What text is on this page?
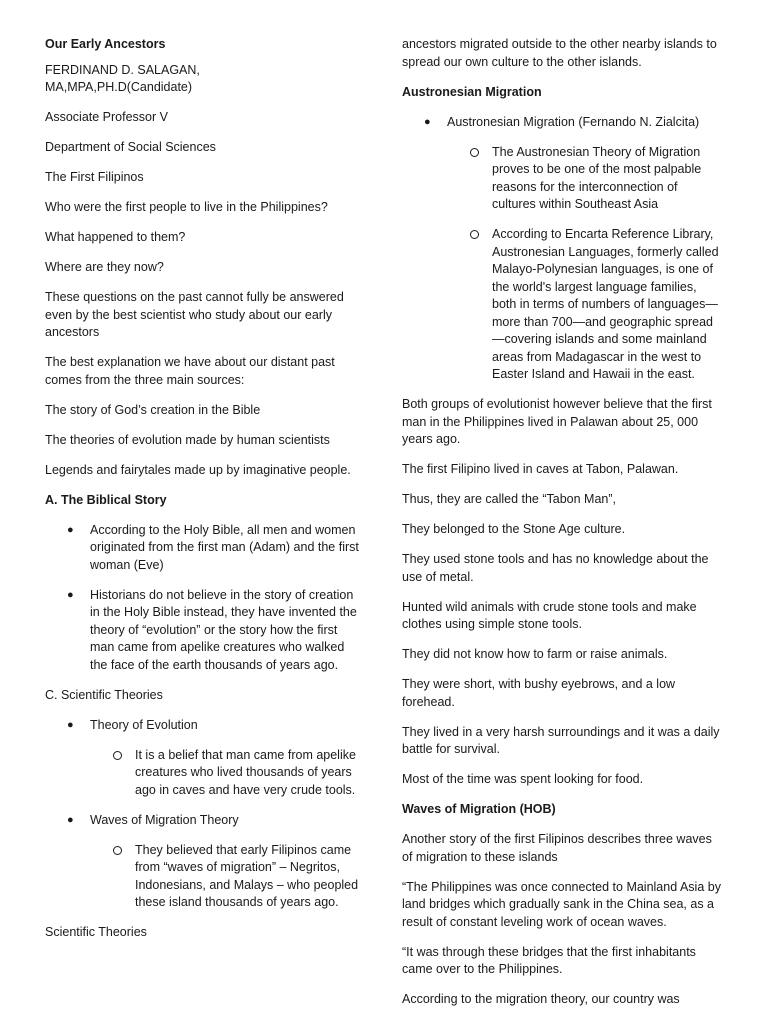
Our Early Ancestors

FERDINAND D. SALAGAN,

MA,MPA,PH.D(Candidate)

Associate Professor V

Department of Social Sciences

The First Filipinos

Who were the first people to live in the Philippines?

What happened to them?

Where are they now?

These questions on the past cannot fully be answered even by the best scientist who study about our early ancestors

The best explanation we have about our distant past comes from the three main sources:

The story of God’s creation in the Bible

The theories of evolution made by human scientists

Legends and fairytales made up by imaginative people.

A. The Biblical Story

● According to the Holy Bible, all men and women originated from the first man (Adam) and the first woman (Eve)

● Historians do not believe in the story of creation in the Holy Bible instead, they have invented the theory of “evolution” or the story how the first man came from apelike creatures who walked the face of the earth thousands of years ago.

C. Scientific Theories

● Theory of Evolution

It is a belief that man came from apelike creatures who lived thousands of years ago in caves and have very crude tools.

● Waves of Migration Theory

They believed that early Filipinos came from “waves of migration” – Negritos, Indonesians, and Malays – who peopled these island thousands of years ago.

Scientific Theories

ancestors migrated outside to the other nearby islands to spread our own culture to the other islands.

Austronesian Migration

● Austronesian Migration (Fernando N. Zialcita)

The Austronesian Theory of Migration proves to be one of the most palpable reasons for the interconnection of cultures within Southeast Asia

According to Encarta Reference Library, Austronesian Languages, formerly called Malayo-Polynesian languages, is one of the world's largest language families, both in terms of numbers of languages—more than 700—and geographic spread—covering islands and some mainland areas from Madagascar in the west to Easter Island and Hawaii in the east.

Both groups of evolutionist however believe that the first man in the Philippines lived in Palawan about 25, 000 years ago.

The first Filipino lived in caves at Tabon, Palawan.

Thus, they are called the “Tabon Man”,

They belonged to the Stone Age culture.

They used stone tools and has no knowledge about the use of metal.

Hunted wild animals with crude stone tools and make clothes using simple stone tools.

They did not know how to farm or raise animals.

They were short, with bushy eyebrows, and a low forehead.

They lived in a very harsh surroundings and it was a daily battle for survival.

Most of the time was spent looking for food.

Waves of Migration (HOB)

Another story of the first Filipinos describes three waves of migration to these islands

“The Philippines was once connected to Mainland Asia by land bridges which gradually sank in the China sea, as a result of constant leveling work of ocean waves.

“It was through these bridges that the first inhabitants came over to the Philippines.

According to the migration theory, our country was
